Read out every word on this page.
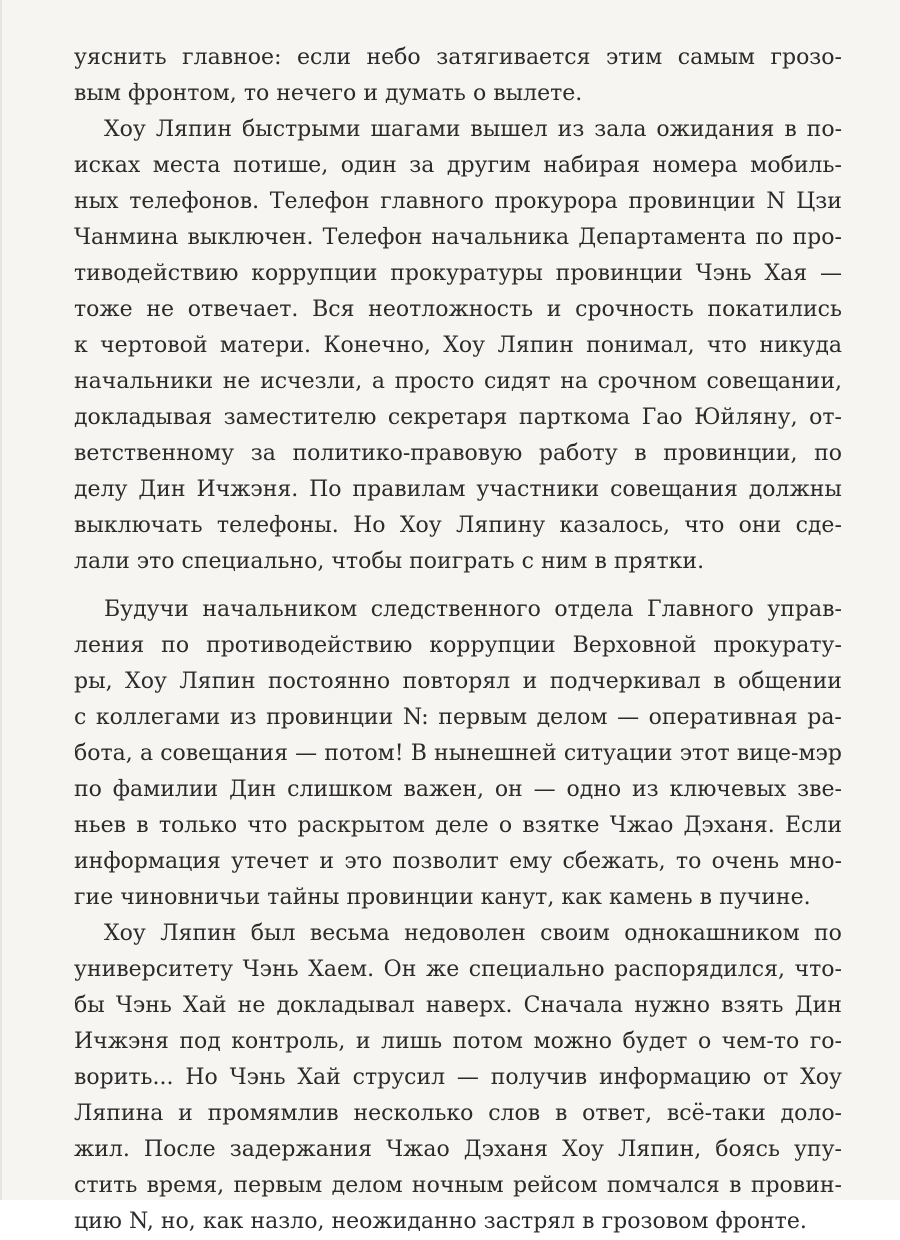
уяснить главное: если небо затягивается этим самым грозо-
вым фронтом, то нечего и думать о вылете.
Хоу Ляпин быстрыми шагами вышел из зала ожидания в по-
исках места потише, один за другим набирая номера мобиль-
ных телефонов. Телефон главного прокурора провинции N Цзи
Чанмина выключен. Телефон начальника Департамента по про-
тиводействию коррупции прокуратуры провинции Чэнь Хая —
тоже не отвечает. Вся неотложность и срочность покатились
к чертовой матери. Конечно, Хоу Ляпин понимал, что никуда
начальники не исчезли, а просто сидят на срочном совещании,
докладывая заместителю секретаря парткома Гао Юйляну, от-
ветственному за политико-правовую работу в провинции, по
делу Дин Ичжэня. По правилам участники совещания должны
выключать телефоны. Но Хоу Ляпину казалось, что они сде-
лали это специально, чтобы поиграть с ним в прятки.
Будучи начальником следственного отдела Главного управ-
ления по противодействию коррупции Верховной прокурату-
ры, Хоу Ляпин постоянно повторял и подчеркивал в общении
с коллегами из провинции N: первым делом — оперативная ра-
бота, а совещания — потом! В нынешней ситуации этот вице-мэр
по фамилии Дин слишком важен, он — одно из ключевых зве-
ньев в только что раскрытом деле о взятке Чжао Дэханя. Если
информация утечет и это позволит ему сбежать, то очень мно-
гие чиновничьи тайны провинции канут, как камень в пучине.
Хоу Ляпин был весьма недоволен своим однокашником по
университету Чэнь Хаем. Он же специально распорядился, что-
бы Чэнь Хай не докладывал наверх. Сначала нужно взять Дин
Ичжэня под контроль, и лишь потом можно будет о чем-то го-
ворить... Но Чэнь Хай струсил — получив информацию от Хоу
Ляпина и промямлив несколько слов в ответ, всё-таки доло-
жил. После задержания Чжао Дэханя Хоу Ляпин, боясь упу-
стить время, первым делом ночным рейсом помчался в провин-
цию N, но, как назло, неожиданно застрял в грозовом фронте.
